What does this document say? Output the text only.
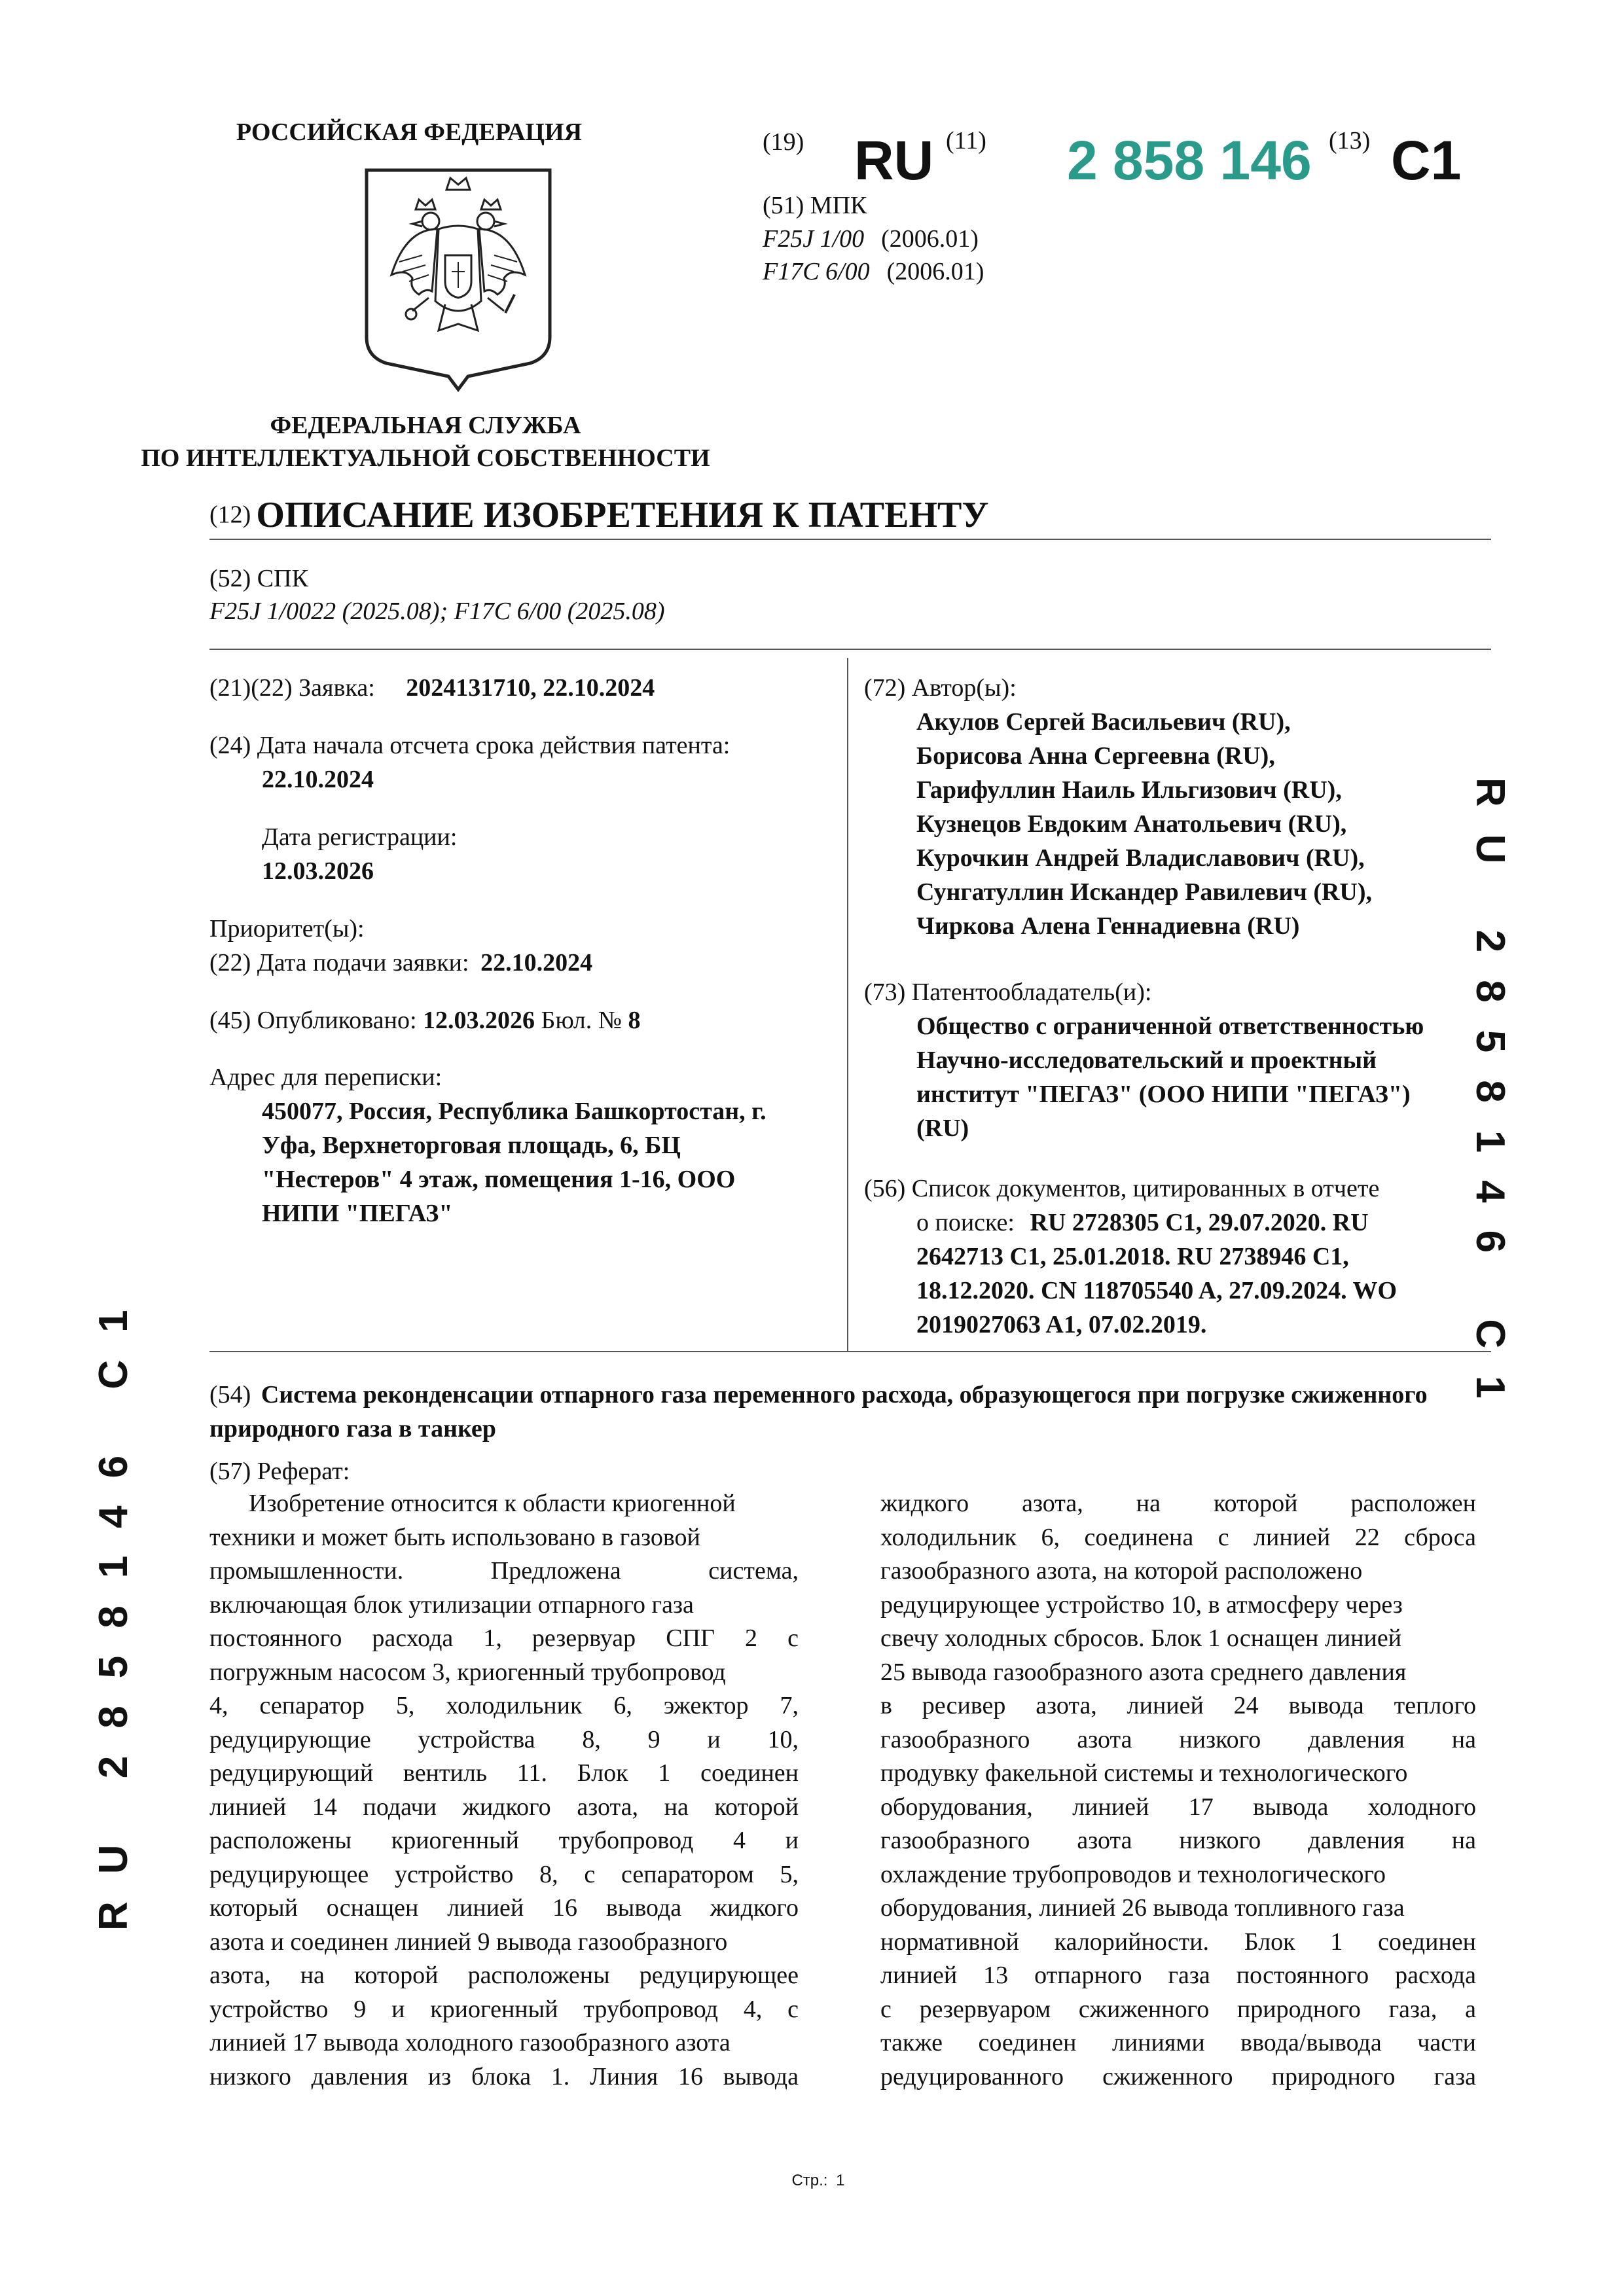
РОССИЙСКАЯ ФЕДЕРАЦИЯ
ФЕДЕРАЛЬНАЯ СЛУЖБА
ПО ИНТЕЛЛЕКТУАЛЬНОЙ СОБСТВЕННОСТИ
(19) RU (11) 2 858 146 (13) C1
(51) МПК
F25J 1/00 (2006.01)
F17C 6/00 (2006.01)
(12) ОПИСАНИЕ ИЗОБРЕТЕНИЯ К ПАТЕНТУ
(52) СПК
F25J 1/0022 (2025.08); F17C 6/00 (2025.08)
(21)(22) Заявка: 2024131710, 22.10.2024
(24) Дата начала отсчета срока действия патента:
22.10.2024
Дата регистрации:
12.03.2026
Приоритет(ы):
(22) Дата подачи заявки: 22.10.2024
(45) Опубликовано: 12.03.2026 Бюл. № 8
Адрес для переписки:
450077, Россия, Республика Башкортостан, г.
Уфа, Верхнеторговая площадь, 6, БЦ
"Нестеров" 4 этаж, помещения 1-16, ООО
НИПИ "ПЕГАЗ"
(72) Автор(ы):
Акулов Сергей Васильевич (RU),
Борисова Анна Сергеевна (RU),
Гарифуллин Наиль Ильгизович (RU),
Кузнецов Евдоким Анатольевич (RU),
Курочкин Андрей Владиславович (RU),
Сунгатуллин Искандер Равилевич (RU),
Чиркова Алена Геннадиевна (RU)
(73) Патентообладатель(и):
Общество с ограниченной ответственностью
Научно-исследовательский и проектный
институт "ПЕГАЗ" (ООО НИПИ "ПЕГАЗ")
(RU)
(56) Список документов, цитированных в отчете
о поиске: RU 2728305 C1, 29.07.2020. RU
2642713 C1, 25.01.2018. RU 2738946 C1,
18.12.2020. CN 118705540 A, 27.09.2024. WO
2019027063 A1, 07.02.2019.
(54) Система реконденсации отпарного газа переменного расхода, образующегося при погрузке сжиженного
природного газа в танкер
(57) Реферат:

Изобретение относится к области криогенной

техники и может быть использовано в газовой

промышленности. Предложена система,

включающая блок утилизации отпарного газа

постоянного расхода 1, резервуар СПГ 2 с

погружным насосом 3, криогенный трубопровод

4, сепаратор 5, холодильник 6, эжектор 7,

редуцирующие устройства 8, 9 и 10,

редуцирующий вентиль 11. Блок 1 соединен

линией 14 подачи жидкого азота, на которой

расположены криогенный трубопровод 4 и

редуцирующее устройство 8, с сепаратором 5,

который оснащен линией 16 вывода жидкого

азота и соединен линией 9 вывода газообразного

азота, на которой расположены редуцирующее

устройство 9 и криогенный трубопровод 4, с

линией 17 вывода холодного газообразного азота

низкого давления из блока 1. Линия 16 вывода

жидкого азота, на которой расположен

холодильник 6, соединена с линией 22 сброса

газообразного азота, на которой расположено

редуцирующее устройство 10, в атмосферу через

свечу холодных сбросов. Блок 1 оснащен линией

25 вывода газообразного азота среднего давления

в ресивер азота, линией 24 вывода теплого

газообразного азота низкого давления на

продувку факельной системы и технологического

оборудования, линией 17 вывода холодного

газообразного азота низкого давления на

охлаждение трубопроводов и технологического

оборудования, линией 26 вывода топливного газа

нормативной калорийности. Блок 1 соединен

линией 13 отпарного газа постоянного расхода

с резервуаром сжиженного природного газа, а

также соединен линиями ввода/вывода части

редуцированного сжиженного природного газа

RU 2858146 C1
RU 2858146 C1
Стр.: 1
